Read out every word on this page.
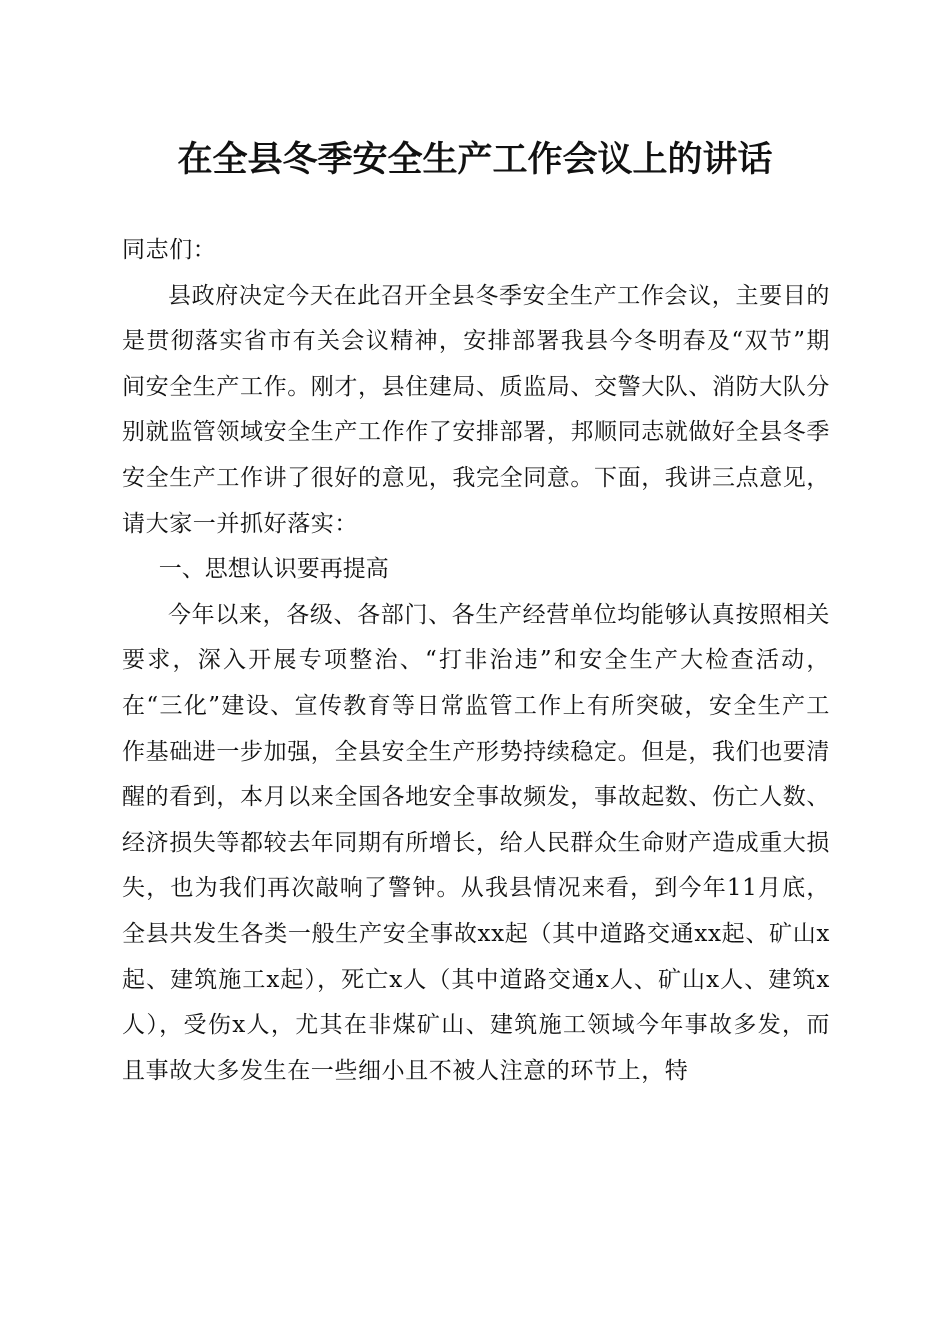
在全县冬季安全生产工作会议上的讲话

同志们：

县政府决定今天在此召开全县冬季安全生产工作会议，主要目的是贯彻落实省市有关会议精神，安排部署我县今冬明春及“双节”期间安全生产工作。刚才，县住建局、质监局、交警大队、消防大队分别就监管领域安全生产工作作了安排部署，邦顺同志就做好全县冬季安全生产工作讲了很好的意见，我完全同意。下面，我讲三点意见，请大家一并抓好落实：

一、思想认识要再提高

今年以来，各级、各部门、各生产经营单位均能够认真按照相关要求，深入开展专项整治、“打非治违”和安全生产大检查活动，在“三化”建设、宣传教育等日常监管工作上有所突破，安全生产工作基础进一步加强，全县安全生产形势持续稳定。但是，我们也要清醒的看到，本月以来全国各地安全事故频发，事故起数、伤亡人数、经济损失等都较去年同期有所增长，给人民群众生命财产造成重大损失，也为我们再次敲响了警钟。从我县情况来看，到今年11月底，全县共发生各类一般生产安全事故xx起（其中道路交通xx起、矿山x起、建筑施工x起），死亡x人（其中道路交通x人、矿山x人、建筑x人），受伤x人，尤其在非煤矿山、建筑施工领域今年事故多发，而且事故大多发生在一些细小且不被人注意的环节上，特
